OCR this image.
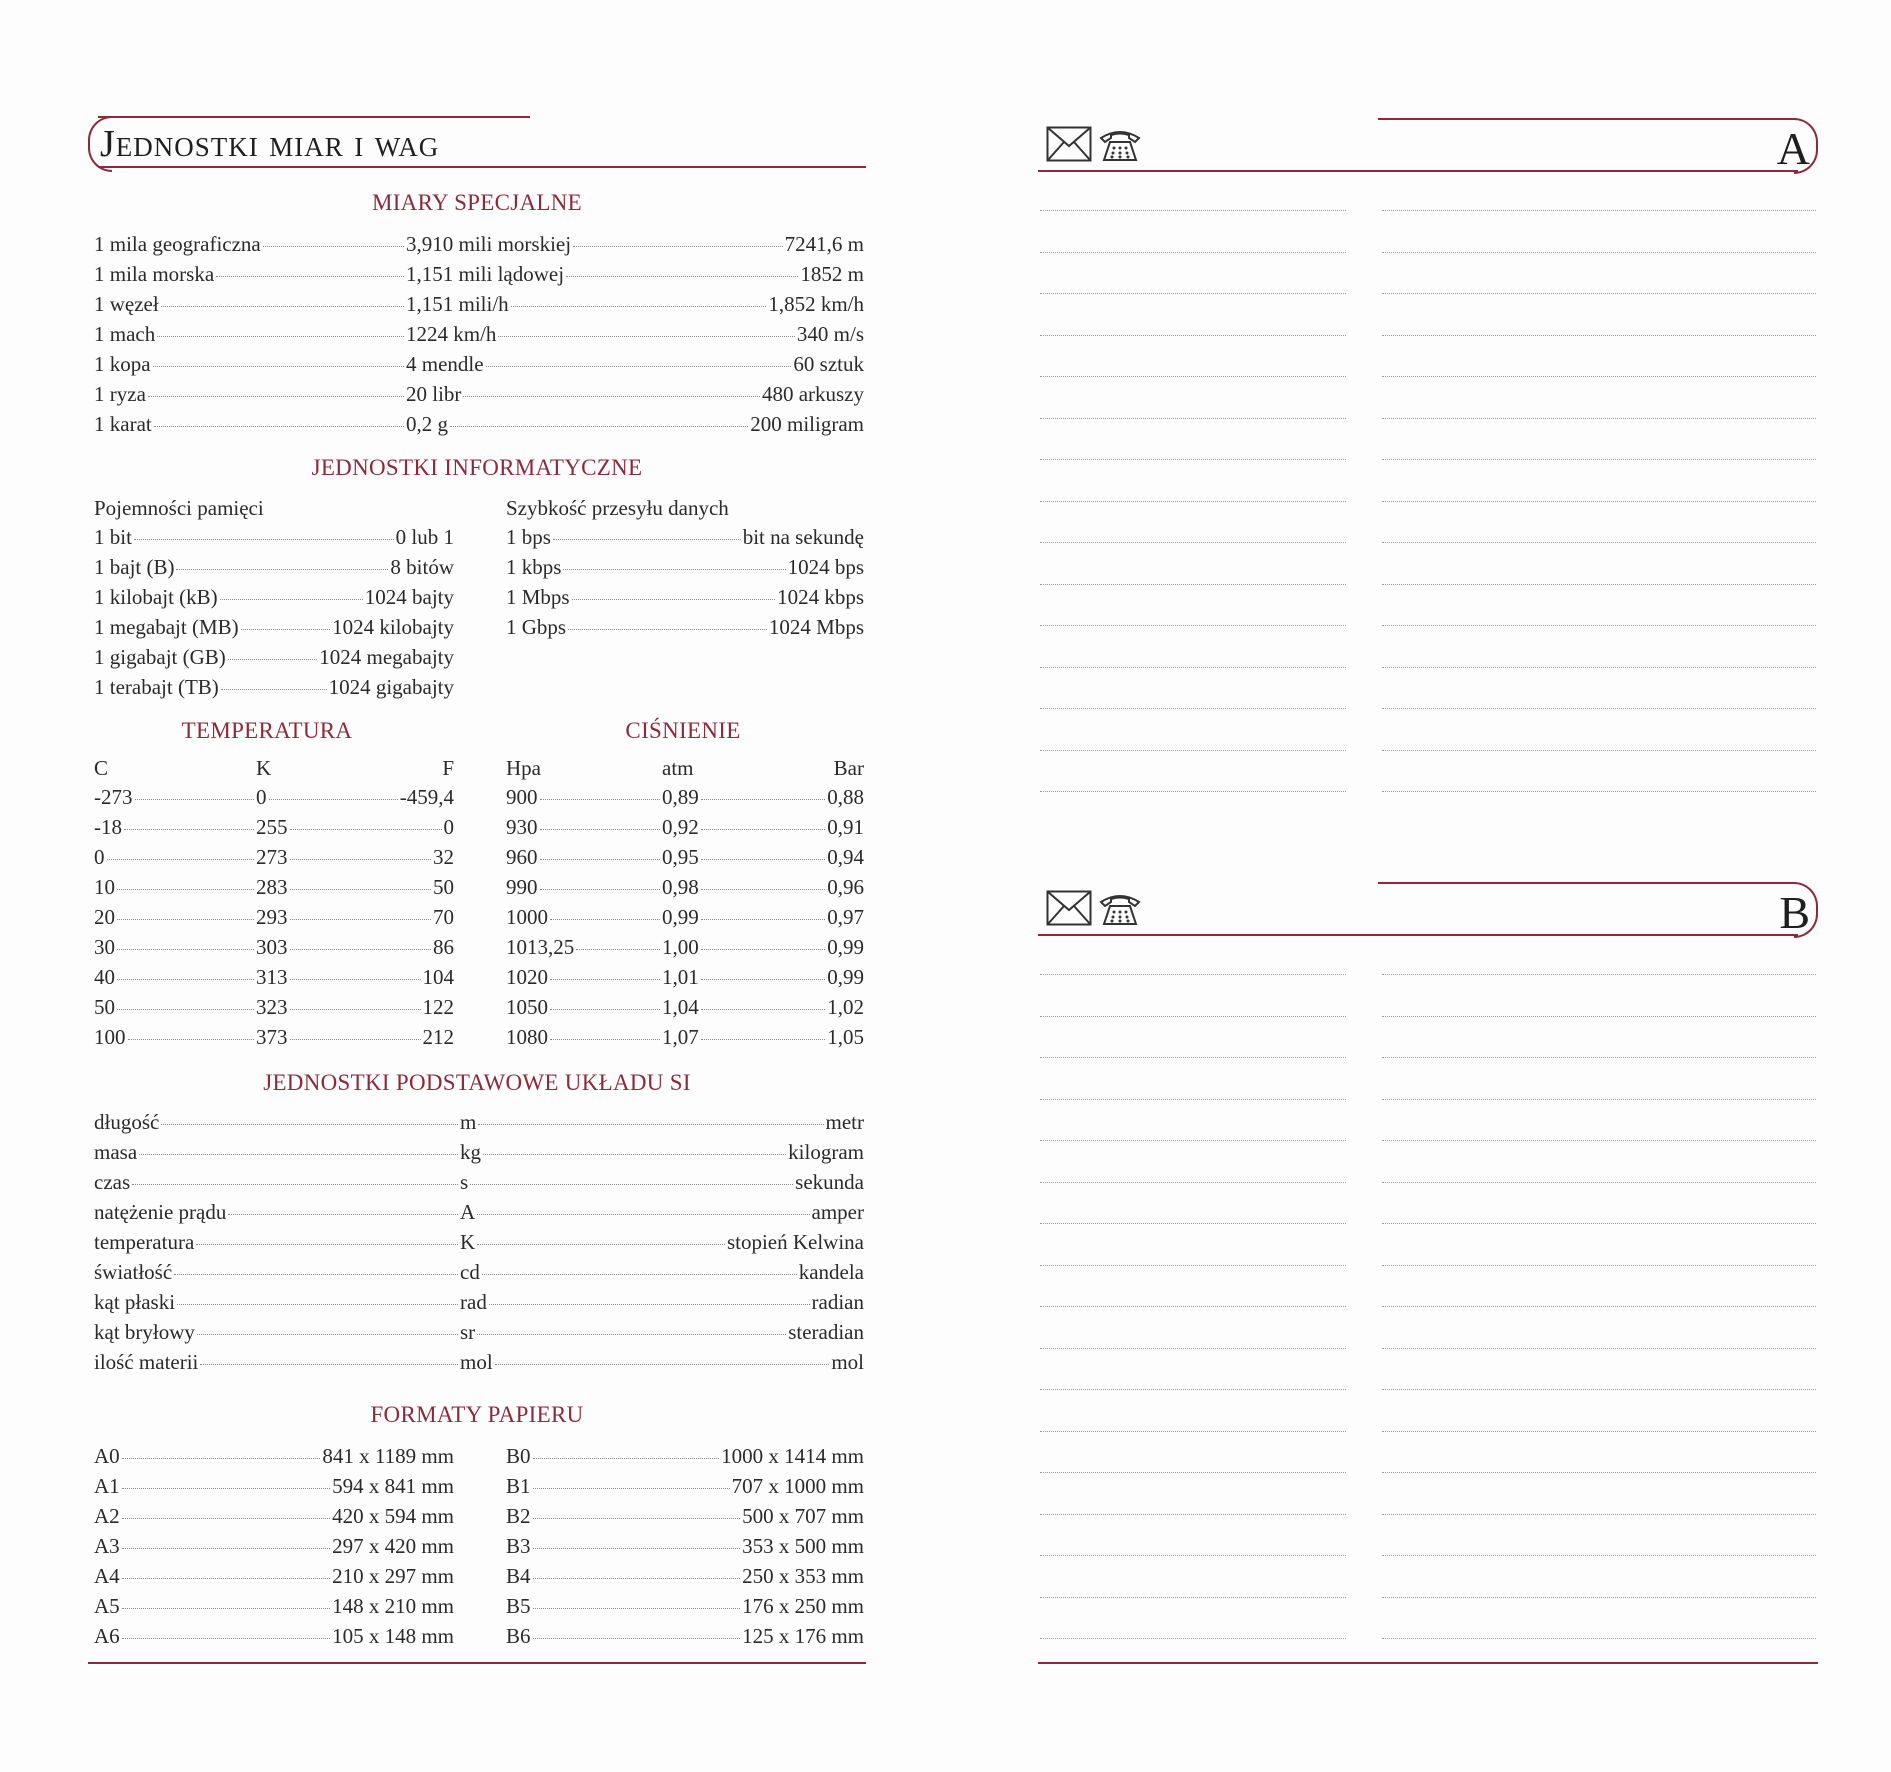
Jednostki miar i wag
MIARY SPECJALNE
1 mila geograficzna	3,910 mili morskiej	7241,6 m
1 mila morska	1,151 mili lądowej	1852 m
1 węzeł	1,151 mili/h	1,852 km/h
1 mach	1224 km/h	340 m/s
1 kopa	4 mendle	60 sztuk
1 ryza	20 libr	480 arkuszy
1 karat	0,2 g	200 miligram
JEDNOSTKI INFORMATYCZNE
Pojemności pamięci	Szybkość przesyłu danych
1 bit	0 lub 1
1 bajt (B)	8 bitów
1 kilobajt (kB)	1024 bajty
1 megabajt (MB)	1024 kilobajty
1 gigabajt (GB)	1024 megabajty
1 terabajt (TB)	1024 gigabajty
1 bps	bit na sekundę
1 kbps	1024 bps
1 Mbps	1024 kbps
1 Gbps	1024 Mbps
TEMPERATURA	CIŚNIENIE
C	K	F
-273	0	-459,4
-18	255	0
0	273	32
10	283	50
20	293	70
30	303	86
40	313	104
50	323	122
100	373	212
Hpa	atm	Bar
900	0,89	0,88
930	0,92	0,91
960	0,95	0,94
990	0,98	0,96
1000	0,99	0,97
1013,25	1,00	0,99
1020	1,01	0,99
1050	1,04	1,02
1080	1,07	1,05
JEDNOSTKI PODSTAWOWE UKŁADU SI
długość	m	metr
masa	kg	kilogram
czas	s	sekunda
natężenie prądu	A	amper
temperatura	K	stopień Kelwina
światłość	cd	kandela
kąt płaski	rad	radian
kąt bryłowy	sr	steradian
ilość materii	mol	mol
FORMATY PAPIERU
A0	841 x 1189 mm
A1	594 x 841 mm
A2	420 x 594 mm
A3	297 x 420 mm
A4	210 x 297 mm
A5	148 x 210 mm
A6	105 x 148 mm
B0	1000 x 1414 mm
B1	707 x 1000 mm
B2	500 x 707 mm
B3	353 x 500 mm
B4	250 x 353 mm
B5	176 x 250 mm
B6	125 x 176 mm
A
B
